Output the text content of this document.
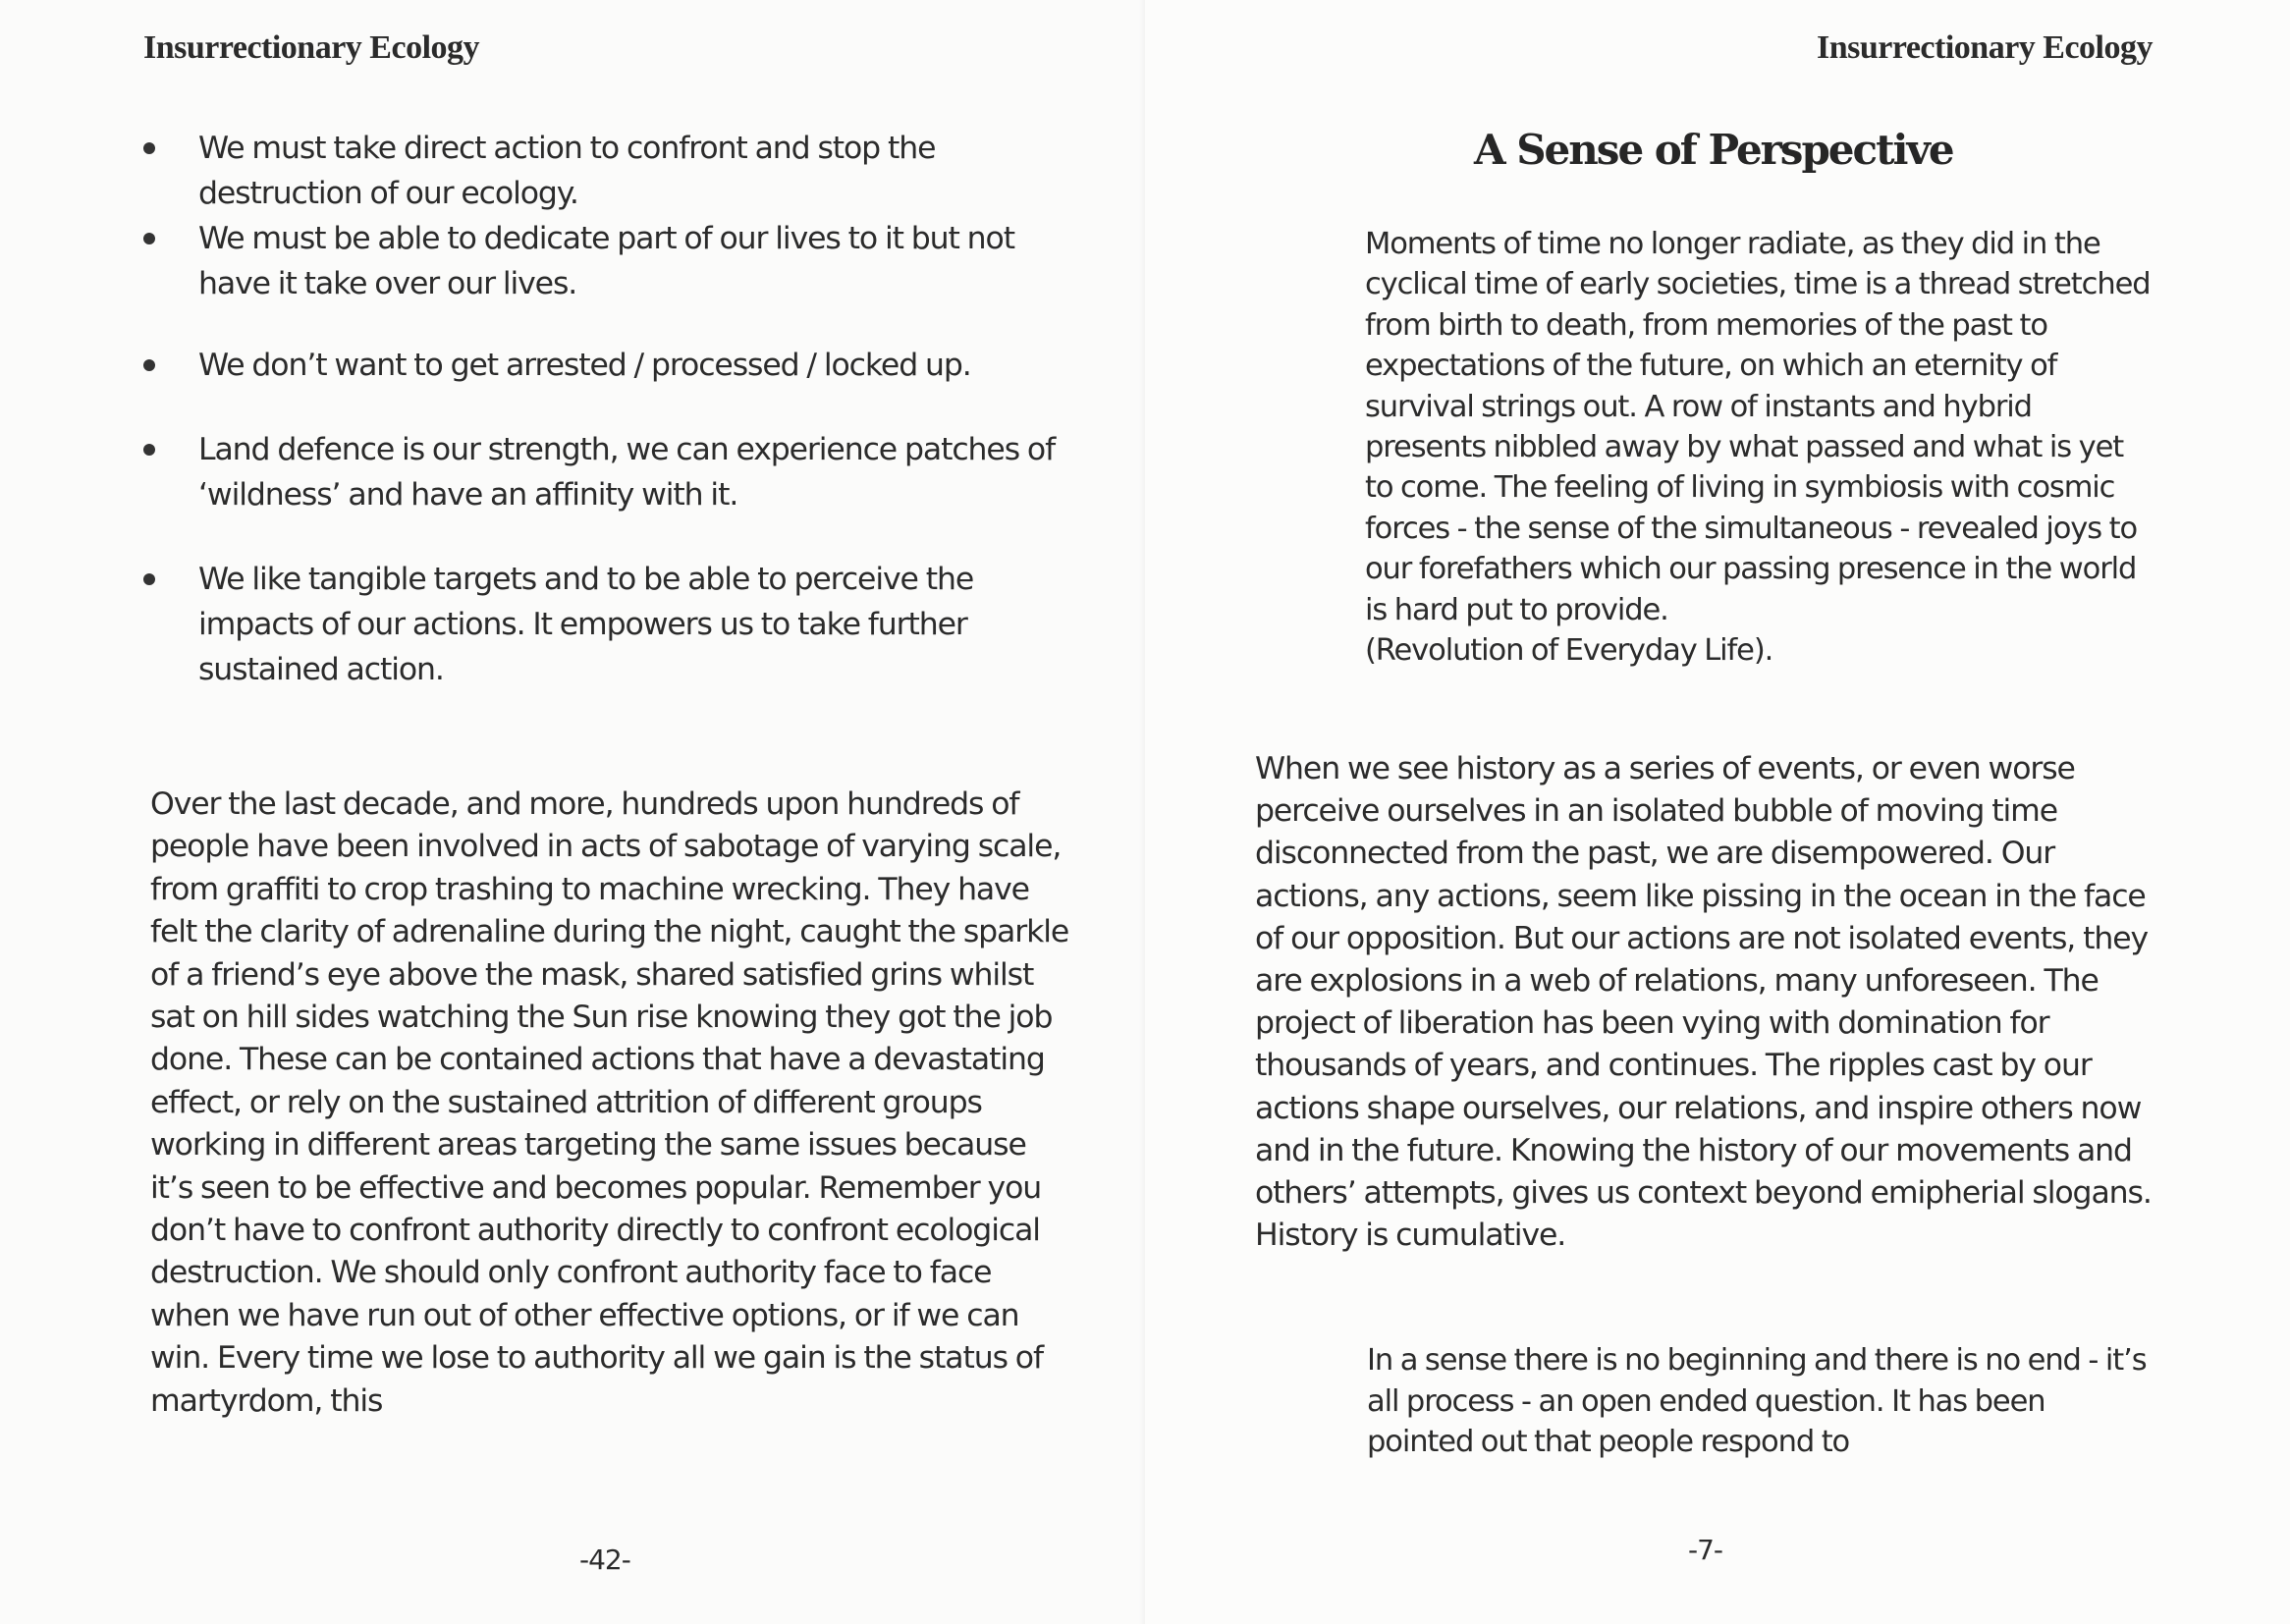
Insurrectionary Ecology
We must take direct action to confront and stop the destruction of our ecology.
We must be able to dedicate part of our lives to it but not have it take over our lives.
We don’t want to get arrested / processed / locked up.
Land defence is our strength, we can experience patches of ‘wildness’ and have an affinity with it.
We like tangible targets and to be able to perceive the impacts of our actions. It empowers us to take further sustained action.

Over the last decade, and more, hundreds upon hundreds of people have been involved in acts of sabotage of varying scale, from graffiti to crop trashing to machine wrecking. They have felt the clarity of adrenaline during the night, caught the sparkle of a friend’s eye above the mask, shared satisfied grins whilst sat on hill sides watching the Sun rise knowing they got the job done. These can be contained actions that have a devastating effect, or rely on the sustained attrition of different groups working in different areas targeting the same issues because it’s seen to be effective and becomes popular. Remember you don’t have to confront authority directly to confront ecological destruction. We should only confront authority face to face when we have run out of other effective options, or if we can win. Every time we lose to authority all we gain is the status of martyrdom, this

-42-
Insurrectionary Ecology
A Sense of Perspective
Moments of time no longer radiate, as they did in the cyclical time of early societies, time is a thread stretched from birth to death, from memories of the past to expectations of the future, on which an eternity of survival strings out. A row of instants and hybrid presents nibbled away by what passed and what is yet to come. The feeling of living in symbiosis with cosmic forces - the sense of the simultaneous - revealed joys to our forefathers which our passing presence in the world is hard put to provide.
(Revolution of Everyday Life).

When we see history as a series of events, or even worse perceive ourselves in an isolated bubble of moving time disconnected from the past, we are disempowered. Our actions, any actions, seem like pissing in the ocean in the face of our opposition. But our actions are not isolated events, they are explosions in a web of relations, many unforeseen. The project of liberation has been vying with domination for thousands of years, and continues. The ripples cast by our actions shape ourselves, our relations, and inspire others now and in the future. Knowing the history of our movements and others’ attempts, gives us context beyond emipherial slogans. History is cumulative.

In a sense there is no beginning and there is no end - it’s all process - an open ended question. It has been pointed out that people respond to

-7-
